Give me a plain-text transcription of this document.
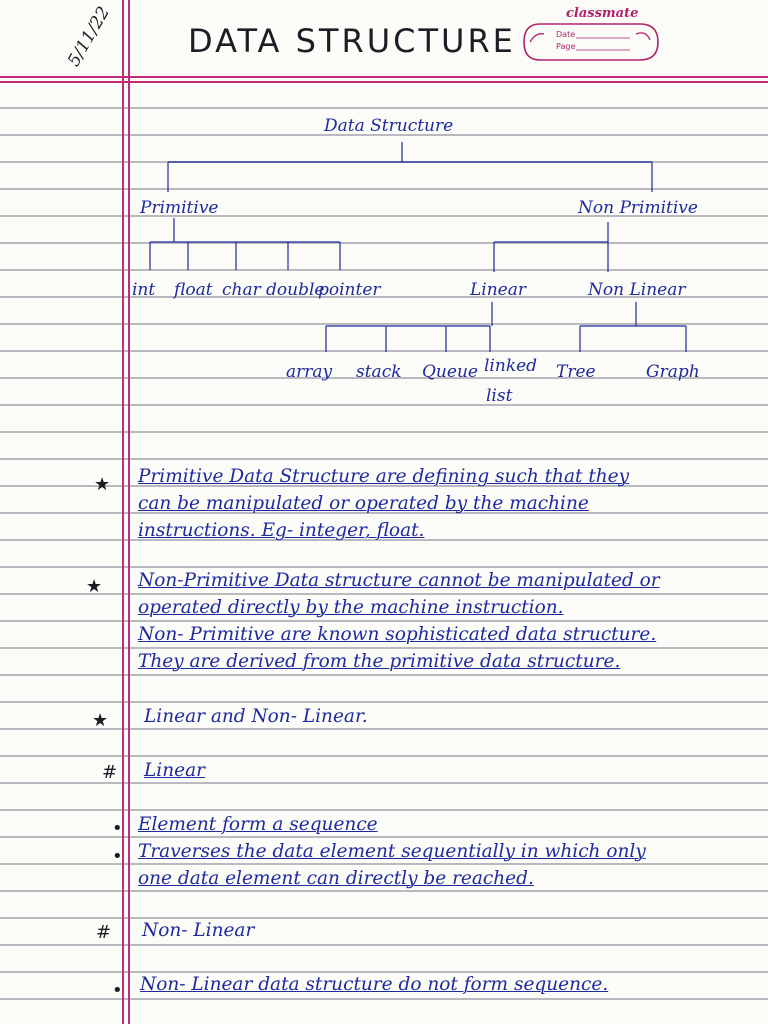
5/11/22 DATA STRUCTURE
classmate
Date
Page
Data Structure
Primitive	Non Primitive
int float char double
pointer	Linear	Non Linear
array stack Queue linked
list
Tree	Graph
★ Primitive Data Structure are defining such that they
can be manipulated or operated by the machine
instructions. Eg- integer, float.
★ Non-Primitive Data structure cannot be manipulated or
operated directly by the machine instruction.
Non- Primitive are known sophisticated data structure.
They are derived from the primitive data structure.
★ Linear and Non- Linear.
# Linear
• Element form a sequence
• Traverses the data element sequentially in which only
one data element can directly be reached.
# Non- Linear
• Non- Linear data structure do not form sequence.
